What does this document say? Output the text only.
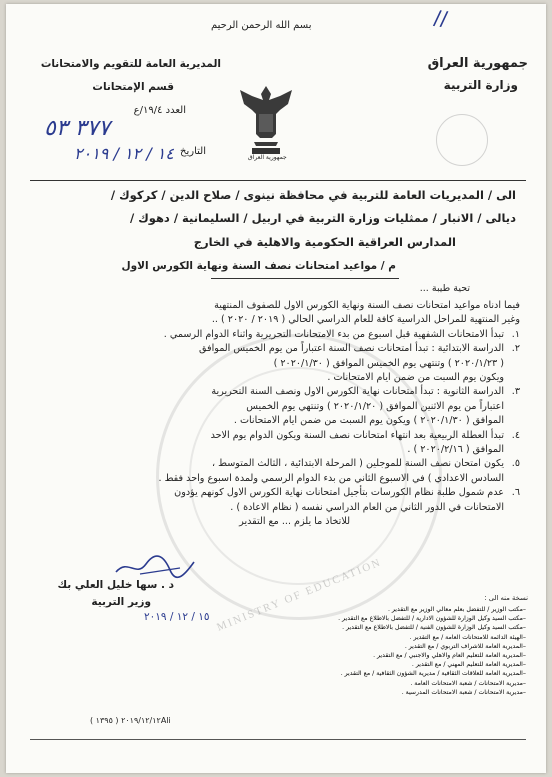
بسم الله الرحمن الرحيم	//
جمهورية العراق
وزارة التربية
المديرية العامة للتقويم والامتحانات
قسم الإمتحانات
العدد ١٩/٤/ع
٣٧٧ ٥٣
التاريخ
١٤ / ١٢ / ٢٠١٩	جمهورية العراق
الى / المديريات العامة للتربية في محافظة نينوى / صلاح الدين / كركوك /
ديالى / الانبار / ممثليات وزارة التربية في اربيل / السليمانية / دهوك /
المدارس العراقية الحكومية والاهلية في الخارج
م / مواعيد امتحانات نصف السنة ونهاية الكورس الاول
تحية طيبة ...
MINISTRY OF EDUCATION
فيما ادناه مواعيد امتحانات نصف السنة ونهاية الكورس الاول للصفوف المنتهية
وغير المنتهية للمراحل الدراسية كافة للعام الدراسي الحالي ( ٢٠١٩ / ٢٠٢٠ ) ..
١.
تبدأ الامتحانات الشفهية قبل اسبوع من بدء الامتحانات التحريرية واثناء الدوام الرسمي .
٢.
الدراسة الابتدائية : تبدأ امتحانات نصف السنة اعتباراً من يوم الخميس الموافق
( ٢٠٢٠/١/٢٣ ) وتنتهي يوم الخميس الموافق ( ٢٠٢٠/١/٣٠ )
ويكون يوم السبت من ضمن ايام الامتحانات .
٣.
الدراسة الثانوية : تبدأ امتحانات نهاية الكورس الاول ونصف السنة التحريرية
اعتباراً من يوم الاثنين الموافق ( ٢٠٢٠/١/٢٠ ) وتنتهي يوم الخميس
الموافق ( ٢٠٢٠/١/٣٠ ) ويكون يوم السبت من ضمن ايام الامتحانات .
٤.
تبدأ العطلة الربيعية بعد انتهاء امتحانات نصف السنة ويكون الدوام يوم الاحد
الموافق ( ٢٠٢٠/٢/١٦ ) .
٥.
يكون امتحان نصف السنة للموجلين ( المرحلة الابتدائية ، الثالث المتوسط ،
السادس الاعدادي ) في الاسبوع الثاني من بدء الدوام الرسمي ولمدة اسبوع واحد فقط .
٦.
عدم شمول طلبة نظام الكورسات بتأجيل امتحانات نهاية الكورس الاول كونهم يؤدون
الامتحانات في الدور الثاني من العام الدراسي نفسه ( نظام الاعادة ) .
للاتخاذ ما يلزم ... مع التقدير
د . سها خليل العلي بك
وزير التربية
١٥ / ١٢ / ٢٠١٩
نسخة منه الى :
– مكتب الوزير / للتفضل بعلم معالي الوزير مع التقدير .
– مكتب السيد وكيل الوزارة للشؤون الادارية / للتفضل بالاطلاع مع التقدير .
– مكتب السيد وكيل الوزارة للشؤون الفنية / للتفضل بالاطلاع مع التقدير .
– الهيئة الدائمة للامتحانات العامة / مع التقدير .
– المديرية العامة للاشراف التربوي / مع التقدير .
– المديرية العامة للتعليم العام والاهلي والاجنبي / مع التقدير .
– المديرية العامة للتعليم المهني / مع التقدير .
– المديرية العامة للعلاقات الثقافية / مديرية الشؤون الثقافية / مع التقدير .
– مديرية الامتحانات / شعبة الامتحانات العامة .
– مديرية الامتحانات / شعبة الامتحانات المدرسية .
( ١٣٩٥ ) ٢٠١٩/١٢/١٢Ali
